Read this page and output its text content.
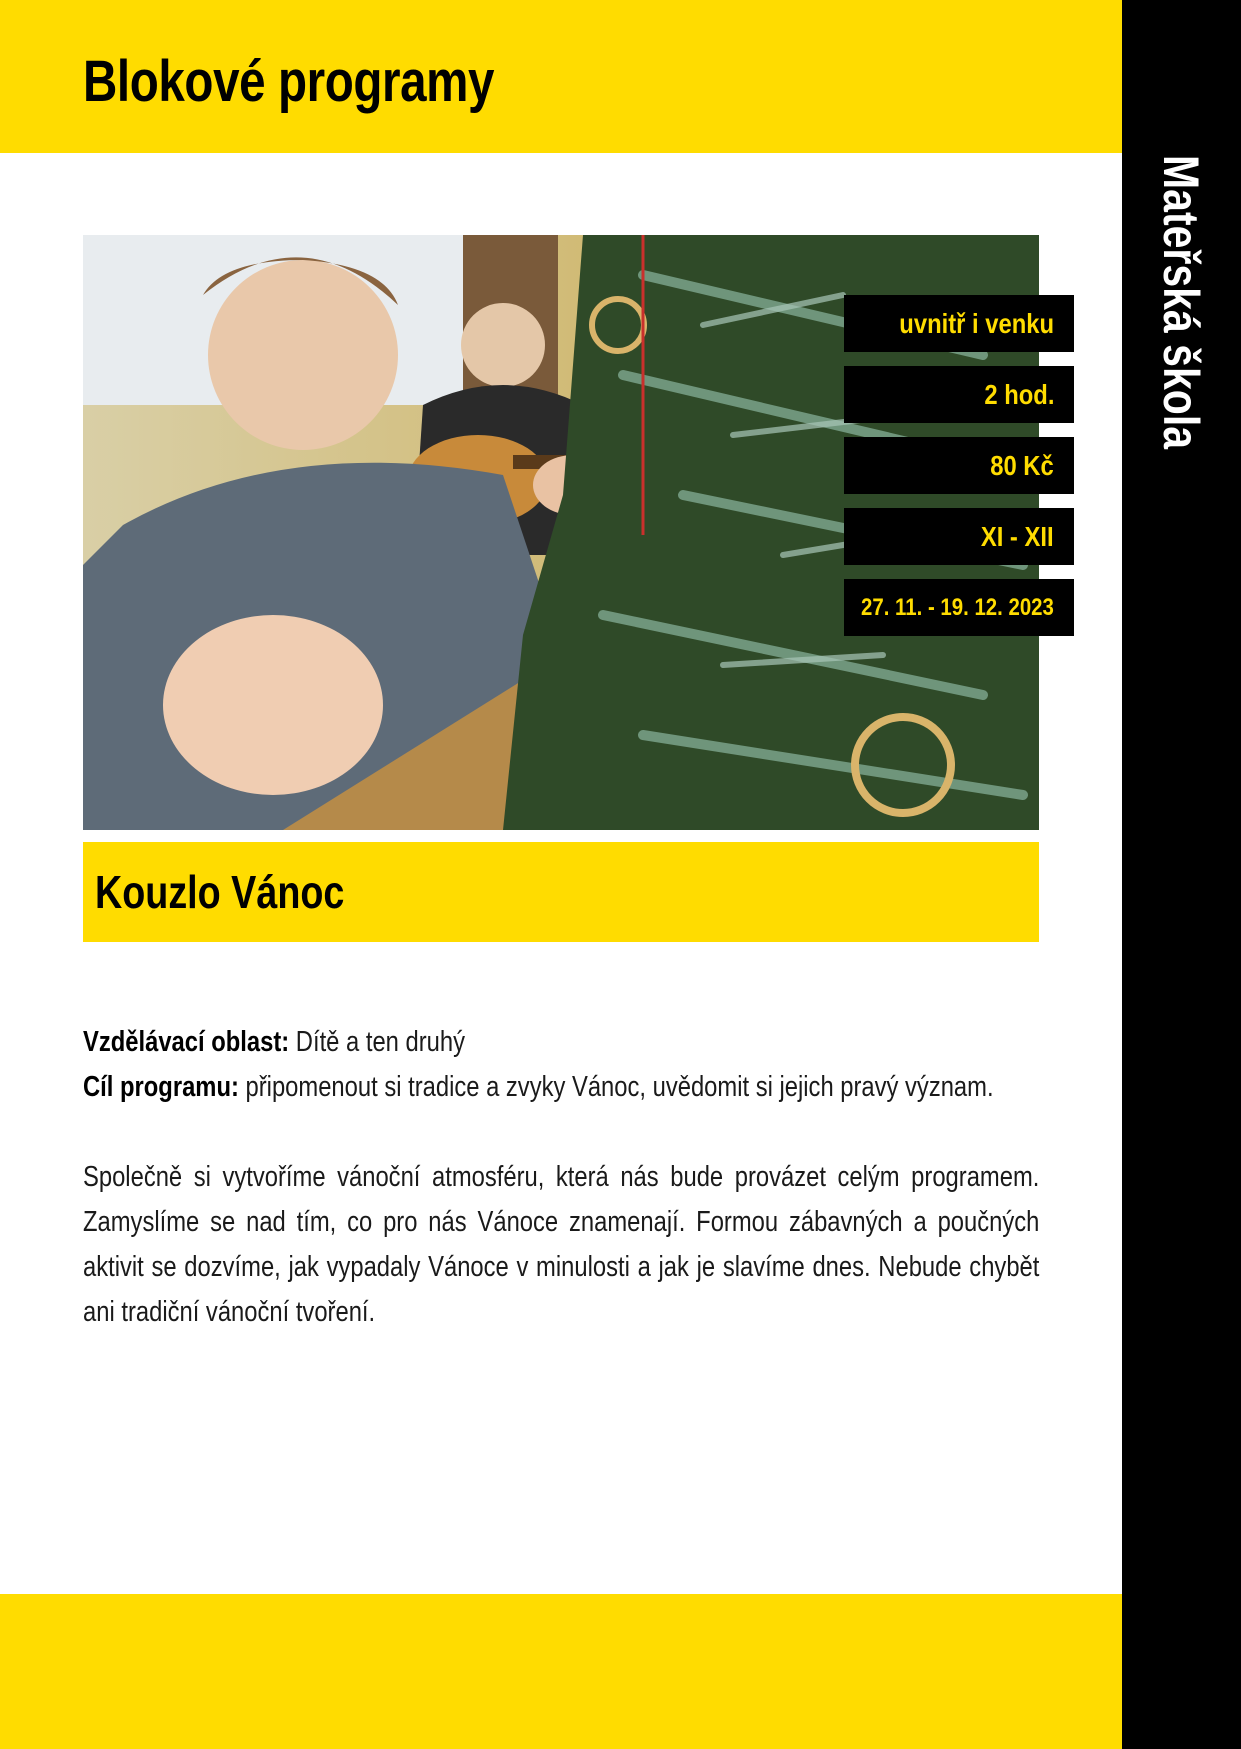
Blokové programy
Mateřská škola
uvnitř i venku
2 hod.
80 Kč
XI - XII
27. 11. - 19. 12. 2023
Kouzlo Vánoc

Vzdělávací oblast: Dítě a ten druhý

Cíl programu: připomenout si tradice a zvyky Vánoc, uvědomit si jejich pravý význam.

Společně si vytvoříme vánoční atmosféru, která nás bude provázet celým programem. Zamyslíme se nad tím, co pro nás Vánoce znamenají. Formou zábavných a poučných aktivit se dozvíme, jak vypadaly Vánoce v minulosti a jak je slavíme dnes. Nebude chybět ani tradiční vánoční tvoření.
